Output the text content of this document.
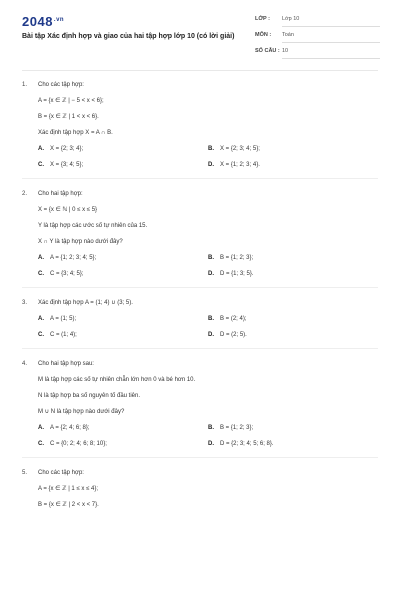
$2048^{.vn}$
Bài tập Xác định hợp và giao của hai tập hợp lớp 10 (có lời giải)
LỚP : Lớp 10
MÔN : Toán
SỐ CÂU : 10
1.	Cho các tập hợp:
A = {x ∈ ℤ | − 5 < x < 6};
B = {x ∈ ℤ | 1 < x < 6}.
Xác định tập hợp X = A ∩ B.
A.	X = {2; 3; 4};	B.	X = {2; 3; 4; 5};
C.	X = {3; 4; 5};	D.	X = {1; 2; 3; 4}.
2.	Cho hai tập hợp:
X = {x ∈ ℕ | 0 ≤ x ≤ 5}
Y là tập hợp các ước số tự nhiên của 15.
X ∩ Y là tập hợp nào dưới đây?
A.	A = {1; 2; 3; 4; 5};	B.	B = {1; 2; 3};
C.	C = {3; 4; 5};	D.	D = {1; 3; 5}.
3.	Xác định tập hợp A = (1; 4) ∪ (3; 5).
A.	A = (1; 5);	B.	B = (2; 4);
C.	C = (1; 4);	D.	D = (2; 5).
4.	Cho hai tập hợp sau:
M là tập hợp các số tự nhiên chẵn lớn hơn 0 và bé hơn 10.
N là tập hợp ba số nguyên tố đầu tiên.
M ∪ N là tập hợp nào dưới đây?
A.	A = {2; 4; 6; 8};	B.	B = {1; 2; 3};
C.	C = {0; 2; 4; 6; 8; 10};	D.	D = {2; 3; 4; 5; 6; 8}.
5.	Cho các tập hợp:
A = {x ∈ ℤ | 1 ≤ x ≤ 4};
B = {x ∈ ℤ | 2 < x < 7}.
